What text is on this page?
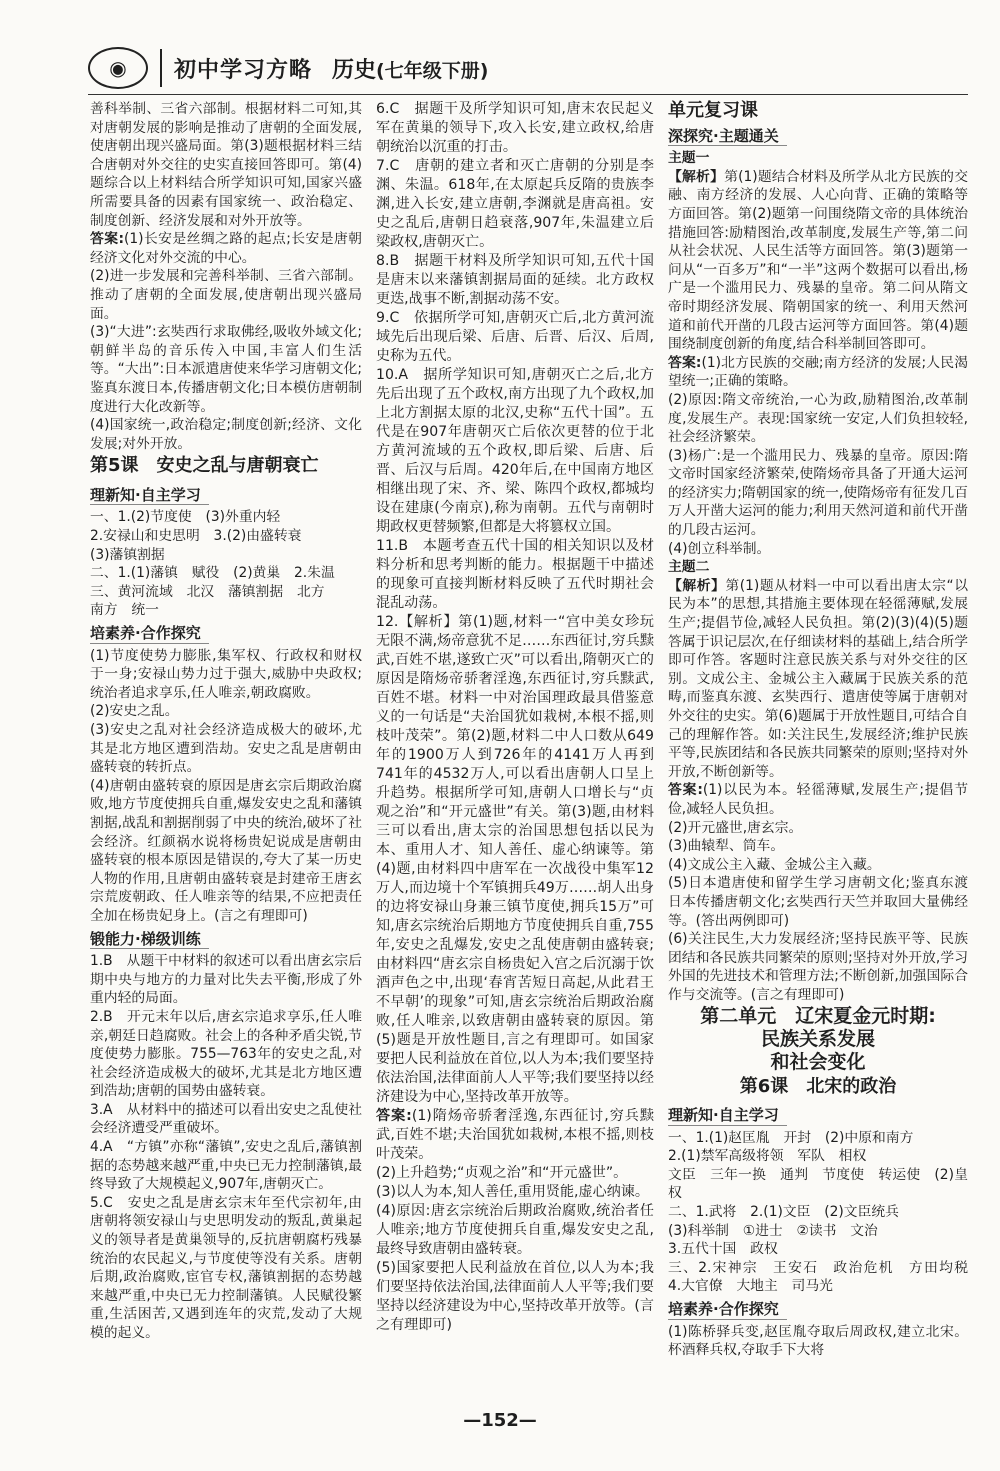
◉	初中学习方略 历史(七年级下册)

善科举制、三省六部制。根据材料二可知,其对唐朝发展的影响是推动了唐朝的全面发展,使唐朝出现兴盛局面。第(3)题根据材料三结合唐朝对外交往的史实直接回答即可。第(4)题综合以上材料结合所学知识可知,国家兴盛所需要具备的因素有国家统一、政治稳定、制度创新、经济发展和对外开放等。

答案:(1)长安是丝绸之路的起点;长安是唐朝经济文化对外交流的中心。

(2)进一步发展和完善科举制、三省六部制。推动了唐朝的全面发展,使唐朝出现兴盛局面。

(3)“大进”:玄奘西行求取佛经,吸收外域文化;朝鲜半岛的音乐传入中国,丰富人们生活等。“大出”:日本派遣唐使来华学习唐朝文化;鉴真东渡日本,传播唐朝文化;日本模仿唐朝制度进行大化改新等。

(4)国家统一,政治稳定;制度创新;经济、文化发展;对外开放。

第5课　安史之乱与唐朝衰亡
理新知·自主学习

一、1.(2)节度使　(3)外重内轻

2.安禄山和史思明　3.(2)由盛转衰

(3)藩镇割据

二、1.(1)藩镇　赋役　(2)黄巢　2.朱温

三、黄河流域　北汉　藩镇割据　北方

南方　统一

培素养·合作探究

(1)节度使势力膨胀,集军权、行政权和财权于一身;安禄山势力过于强大,威胁中央政权;统治者追求享乐,任人唯亲,朝政腐败。

(2)安史之乱。

(3)安史之乱对社会经济造成极大的破坏,尤其是北方地区遭到浩劫。安史之乱是唐朝由盛转衰的转折点。

(4)唐朝由盛转衰的原因是唐玄宗后期政治腐败,地方节度使拥兵自重,爆发安史之乱和藩镇割据,战乱和割据削弱了中央的统治,破坏了社会经济。红颜祸水说将杨贵妃说成是唐朝由盛转衰的根本原因是错误的,夸大了某一历史人物的作用,且唐朝由盛转衰是封建帝王唐玄宗荒废朝政、任人唯亲等的结果,不应把责任全加在杨贵妃身上。(言之有理即可)

锻能力·梯级训练

1.B　从题干中材料的叙述可以看出唐玄宗后期中央与地方的力量对比失去平衡,形成了外重内轻的局面。

2.B　开元末年以后,唐玄宗追求享乐,任人唯亲,朝廷日趋腐败。社会上的各种矛盾尖锐,节度使势力膨胀。755—763年的安史之乱,对社会经济造成极大的破坏,尤其是北方地区遭到浩劫;唐朝的国势由盛转衰。

3.A　从材料中的描述可以看出安史之乱使社会经济遭受严重破坏。

4.A　“方镇”亦称“藩镇”,安史之乱后,藩镇割据的态势越来越严重,中央已无力控制藩镇,最终导致了大规模起义,907年,唐朝灭亡。

5.C　安史之乱是唐玄宗末年至代宗初年,由唐朝将领安禄山与史思明发动的叛乱,黄巢起义的领导者是黄巢领导的,反抗唐朝腐朽残暴统治的农民起义,与节度使等没有关系。唐朝后期,政治腐败,宦官专权,藩镇割据的态势越来越严重,中央已无力控制藩镇。人民赋役繁重,生活困苦,又遇到连年的灾荒,发动了大规模的起义。

6.C　据题干及所学知识可知,唐末农民起义军在黄巢的领导下,攻入长安,建立政权,给唐朝统治以沉重的打击。

7.C　唐朝的建立者和灭亡唐朝的分别是李渊、朱温。618年,在太原起兵反隋的贵族李渊,进入长安,建立唐朝,李渊就是唐高祖。安史之乱后,唐朝日趋衰落,907年,朱温建立后梁政权,唐朝灭亡。

8.B　据题干材料及所学知识可知,五代十国是唐末以来藩镇割据局面的延续。北方政权更迭,战事不断,割据动荡不安。

9.C　依据所学可知,唐朝灭亡后,北方黄河流域先后出现后梁、后唐、后晋、后汉、后周,史称为五代。

10.A　据所学知识可知,唐朝灭亡之后,北方先后出现了五个政权,南方出现了九个政权,加上北方割据太原的北汉,史称“五代十国”。五代是在907年唐朝灭亡后依次更替的位于北方黄河流域的五个政权,即后梁、后唐、后晋、后汉与后周。420年后,在中国南方地区相继出现了宋、齐、梁、陈四个政权,都城均设在建康(今南京),称为南朝。五代与南朝时期政权更替频繁,但都是大将篡权立国。

11.B　本题考查五代十国的相关知识以及材料分析和思考判断的能力。根据题干中描述的现象可直接判断材料反映了五代时期社会混乱动荡。

12.【解析】第(1)题,材料一“宫中美女珍玩无限不满,炀帝意犹不足……东西征讨,穷兵黩武,百姓不堪,遂致亡灭”可以看出,隋朝灭亡的原因是隋炀帝骄奢淫逸,东西征讨,穷兵黩武,百姓不堪。材料一中对治国理政最具借鉴意义的一句话是“夫治国犹如栽树,本根不摇,则枝叶茂荣”。第(2)题,材料二中人口数从649年的1900万人到726年的4141万人再到741年的4532万人,可以看出唐朝人口呈上升趋势。根据所学可知,唐朝人口增长与“贞观之治”和“开元盛世”有关。第(3)题,由材料三可以看出,唐太宗的治国思想包括以民为本、重用人才、知人善任、虚心纳谏等。第(4)题,由材料四中唐军在一次战役中集军12万人,而边境十个军镇拥兵49万……胡人出身的边将安禄山身兼三镇节度使,拥兵15万”可知,唐玄宗统治后期地方节度使拥兵自重,755年,安史之乱爆发,安史之乱使唐朝由盛转衰;由材料四“唐玄宗自杨贵妃入宫之后沉溺于饮酒声色之中,出现‘春宵苦短日高起,从此君王不早朝’的现象”可知,唐玄宗统治后期政治腐败,任人唯亲,以致唐朝由盛转衰的原因。第(5)题是开放性题目,言之有理即可。如国家要把人民利益放在首位,以人为本;我们要坚持依法治国,法律面前人人平等;我们要坚持以经济建设为中心,坚持改革开放等。

答案:(1)隋炀帝骄奢淫逸,东西征讨,穷兵黩武,百姓不堪;夫治国犹如栽树,本根不摇,则枝叶茂荣。

(2)上升趋势;“贞观之治”和“开元盛世”。

(3)以人为本,知人善任,重用贤能,虚心纳谏。

(4)原因:唐玄宗统治后期政治腐败,统治者任人唯亲;地方节度使拥兵自重,爆发安史之乱,最终导致唐朝由盛转衰。

(5)国家要把人民利益放在首位,以人为本;我们要坚持依法治国,法律面前人人平等;我们要坚持以经济建设为中心,坚持改革开放等。(言之有理即可)

单元复习课
深探究·主题通关
主题一

【解析】第(1)题结合材料及所学从北方民族的交融、南方经济的发展、人心向背、正确的策略等方面回答。第(2)题第一问围绕隋文帝的具体统治措施回答:励精图治,改革制度,发展生产等,第二问从社会状况、人民生活等方面回答。第(3)题第一问从“一百多万”和“一半”这两个数据可以看出,杨广是一个滥用民力、残暴的皇帝。第二问从隋文帝时期经济发展、隋朝国家的统一、利用天然河道和前代开凿的几段古运河等方面回答。第(4)题围绕制度创新的角度,结合科举制回答即可。

答案:(1)北方民族的交融;南方经济的发展;人民渴望统一;正确的策略。

(2)原因:隋文帝统治,一心为政,励精图治,改革制度,发展生产。表现:国家统一安定,人们负担较轻,社会经济繁荣。

(3)杨广:是一个滥用民力、残暴的皇帝。原因:隋文帝时国家经济繁荣,使隋炀帝具备了开通大运河的经济实力;隋朝国家的统一,使隋炀帝有征发几百万人开凿大运河的能力;利用天然河道和前代开凿的几段古运河。

(4)创立科举制。

主题二

【解析】第(1)题从材料一中可以看出唐太宗“以民为本”的思想,其措施主要体现在轻徭薄赋,发展生产;提倡节俭,减轻人民负担。第(2)(3)(4)(5)题答属于识记层次,在仔细读材料的基础上,结合所学即可作答。客题时注意民族关系与对外交往的区别。文成公主、金城公主入藏属于民族关系的范畴,而鉴真东渡、玄奘西行、遣唐使等属于唐朝对外交往的史实。第(6)题属于开放性题目,可结合自己的理解作答。如:关注民生,发展经济;维护民族平等,民族团结和各民族共同繁荣的原则;坚持对外开放,不断创新等。

答案:(1)以民为本。轻徭薄赋,发展生产;提倡节俭,减轻人民负担。

(2)开元盛世,唐玄宗。

(3)曲辕犁、筒车。

(4)文成公主入藏、金城公主入藏。

(5)日本遣唐使和留学生学习唐朝文化;鉴真东渡日本传播唐朝文化;玄奘西行天竺并取回大量佛经等。(答出两例即可)

(6)关注民生,大力发展经济;坚持民族平等、民族团结和各民族共同繁荣的原则;坚持对外开放,学习外国的先进技术和管理方法;不断创新,加强国际合作与交流等。(言之有理即可)

第二单元　辽宋夏金元时期:
民族关系发展
和社会变化
第6课　北宋的政治
理新知·自主学习

一、1.(1)赵匡胤　开封　(2)中原和南方

2.(1)禁军高级将领　军队　相权

文臣　三年一换　通判　节度使　转运使　(2)皇权

二、1.武将　2.(1)文臣　(2)文臣统兵

(3)科举制　①进士　②读书　文治

3.五代十国　政权

三、2.宋神宗　王安石　政治危机　方田均税　4.大官僚　大地主　司马光

培素养·合作探究

(1)陈桥驿兵变,赵匡胤夺取后周政权,建立北宋。杯酒释兵权,夺取手下大将

—152—
